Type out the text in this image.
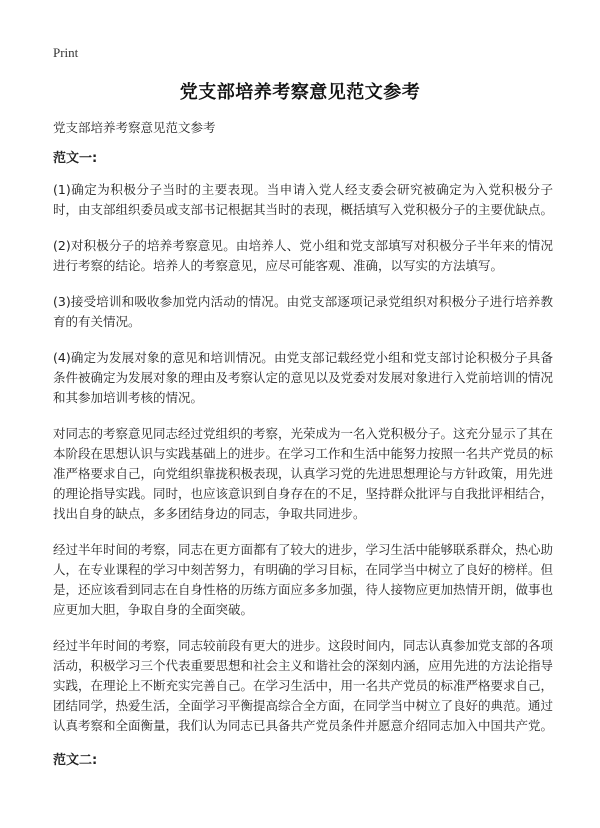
Print
党支部培养考察意见范文参考

党支部培养考察意见范文参考

范文一:

(1)确定为积极分子当时的主要表现。当申请入党人经支委会研究被确定为入党积极分子时，由支部组织委员或支部书记根据其当时的表现，概括填写入党积极分子的主要优缺点。

(2)对积极分子的培养考察意见。由培养人、党小组和党支部填写对积极分子半年来的情况进行考察的结论。培养人的考察意见，应尽可能客观、准确，以写实的方法填写。

(3)接受培训和吸收参加党内活动的情况。由党支部逐项记录党组织对积极分子进行培养教育的有关情况。

(4)确定为发展对象的意见和培训情况。由党支部记载经党小组和党支部讨论积极分子具备条件被确定为发展对象的理由及考察认定的意见以及党委对发展对象进行入党前培训的情况和其参加培训考核的情况。

对同志的考察意见同志经过党组织的考察，光荣成为一名入党积极分子。这充分显示了其在本阶段在思想认识与实践基础上的进步。在学习工作和生活中能努力按照一名共产党员的标准严格要求自己，向党组织靠拢积极表现，认真学习党的先进思想理论与方针政策，用先进的理论指导实践。同时，也应该意识到自身存在的不足，坚持群众批评与自我批评相结合，找出自身的缺点，多多团结身边的同志，争取共同进步。

经过半年时间的考察，同志在更方面都有了较大的进步，学习生活中能够联系群众，热心助人，在专业课程的学习中刻苦努力，有明确的学习目标，在同学当中树立了良好的榜样。但是，还应该看到同志在自身性格的历练方面应多多加强，待人接物应更加热情开朗，做事也应更加大胆，争取自身的全面突破。

经过半年时间的考察，同志较前段有更大的进步。这段时间内，同志认真参加党支部的各项活动，积极学习三个代表重要思想和社会主义和谐社会的深刻内涵，应用先进的方法论指导实践，在理论上不断充实完善自己。在学习生活中，用一名共产党员的标准严格要求自己，团结同学，热爱生活，全面学习平衡提高综合全方面，在同学当中树立了良好的典范。通过认真考察和全面衡量，我们认为同志已具备共产党员条件并愿意介绍同志加入中国共产党。

范文二:
